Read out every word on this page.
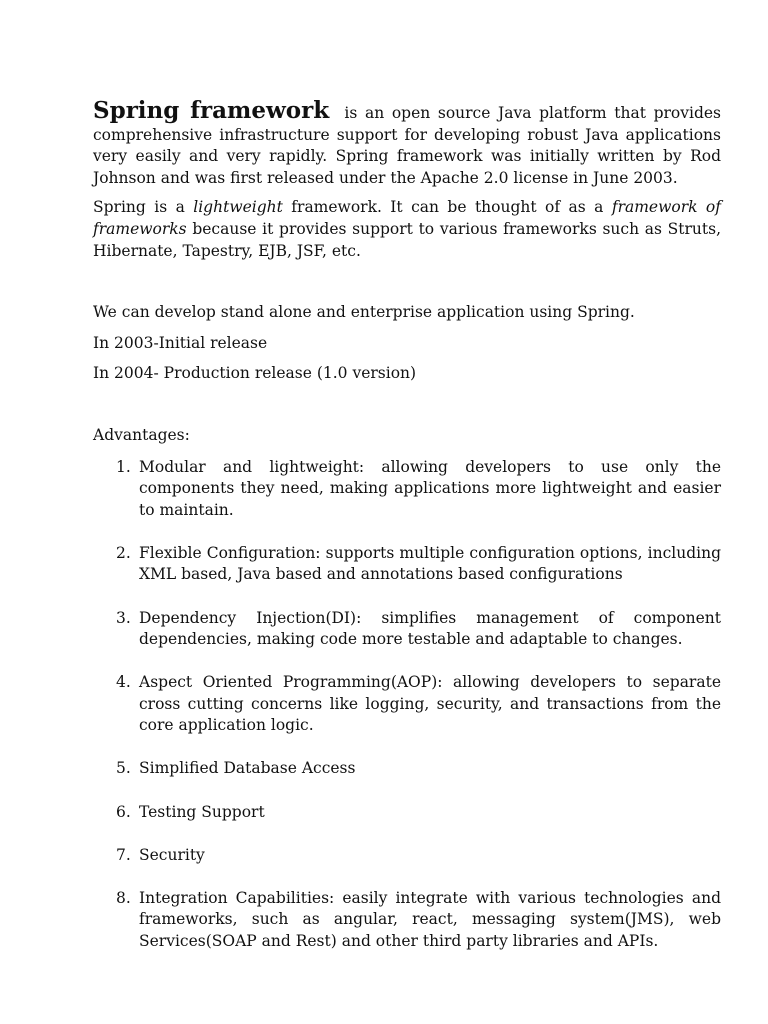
Spring framework is an open source Java platform that provides comprehensive infrastructure support for developing robust Java applications very easily and very rapidly. Spring framework was initially written by Rod Johnson and was first released under the Apache 2.0 license in June 2003.

Spring is a lightweight framework. It can be thought of as a framework of frameworks because it provides support to various frameworks such as Struts, Hibernate, Tapestry, EJB, JSF, etc.

We can develop stand alone and enterprise application using Spring.

In 2003-Initial release

In 2004- Production release (1.0 version)

Advantages:

1. Modular and lightweight: allowing developers to use only the components they need, making applications more lightweight and easier to maintain.
2. Flexible Configuration: supports multiple configuration options, including XML based, Java based and annotations based configurations
3. Dependency Injection(DI): simplifies management of component dependencies, making code more testable and adaptable to changes.
4. Aspect Oriented Programming(AOP): allowing developers to separate cross cutting concerns like logging, security, and transactions from the core application logic.
5. Simplified Database Access
6. Testing Support
7. Security
8. Integration Capabilities: easily integrate with various technologies and frameworks, such as angular, react, messaging system(JMS), web Services(SOAP and Rest) and other third party libraries and APIs.
